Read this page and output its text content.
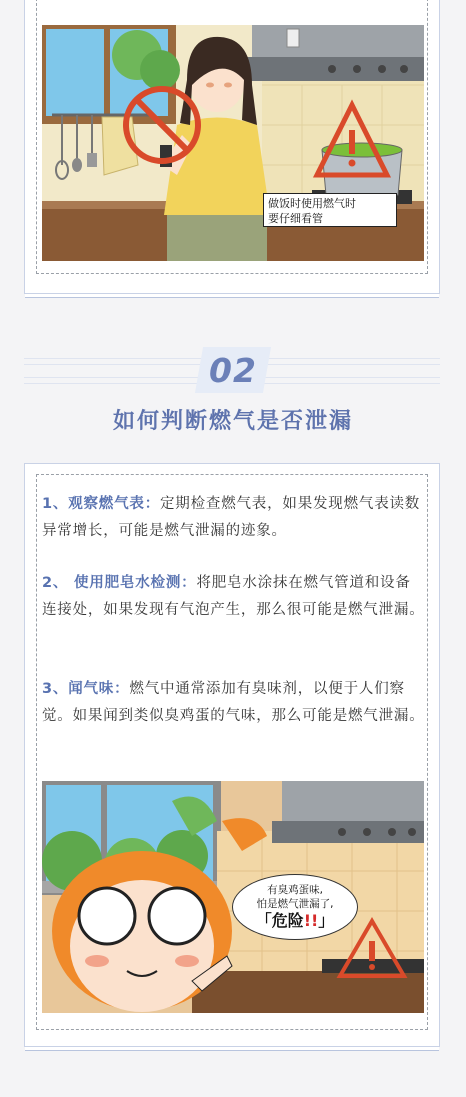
做饭时使用燃气时
要仔细看管
02
如何判断燃气是否泄漏
1、观察燃气表：定期检查燃气表，如果发现燃气表读数异常增长，可能是燃气泄漏的迹象。
2、 使用肥皂水检测：将肥皂水涂抹在燃气管道和设备连接处，如果发现有气泡产生，那么很可能是燃气泄漏。
3、闻气味：燃气中通常添加有臭味剂，以便于人们察觉。如果闻到类似臭鸡蛋的气味，那么可能是燃气泄漏。
有臭鸡蛋味,
怕是燃气泄漏了,
「危险!!」
